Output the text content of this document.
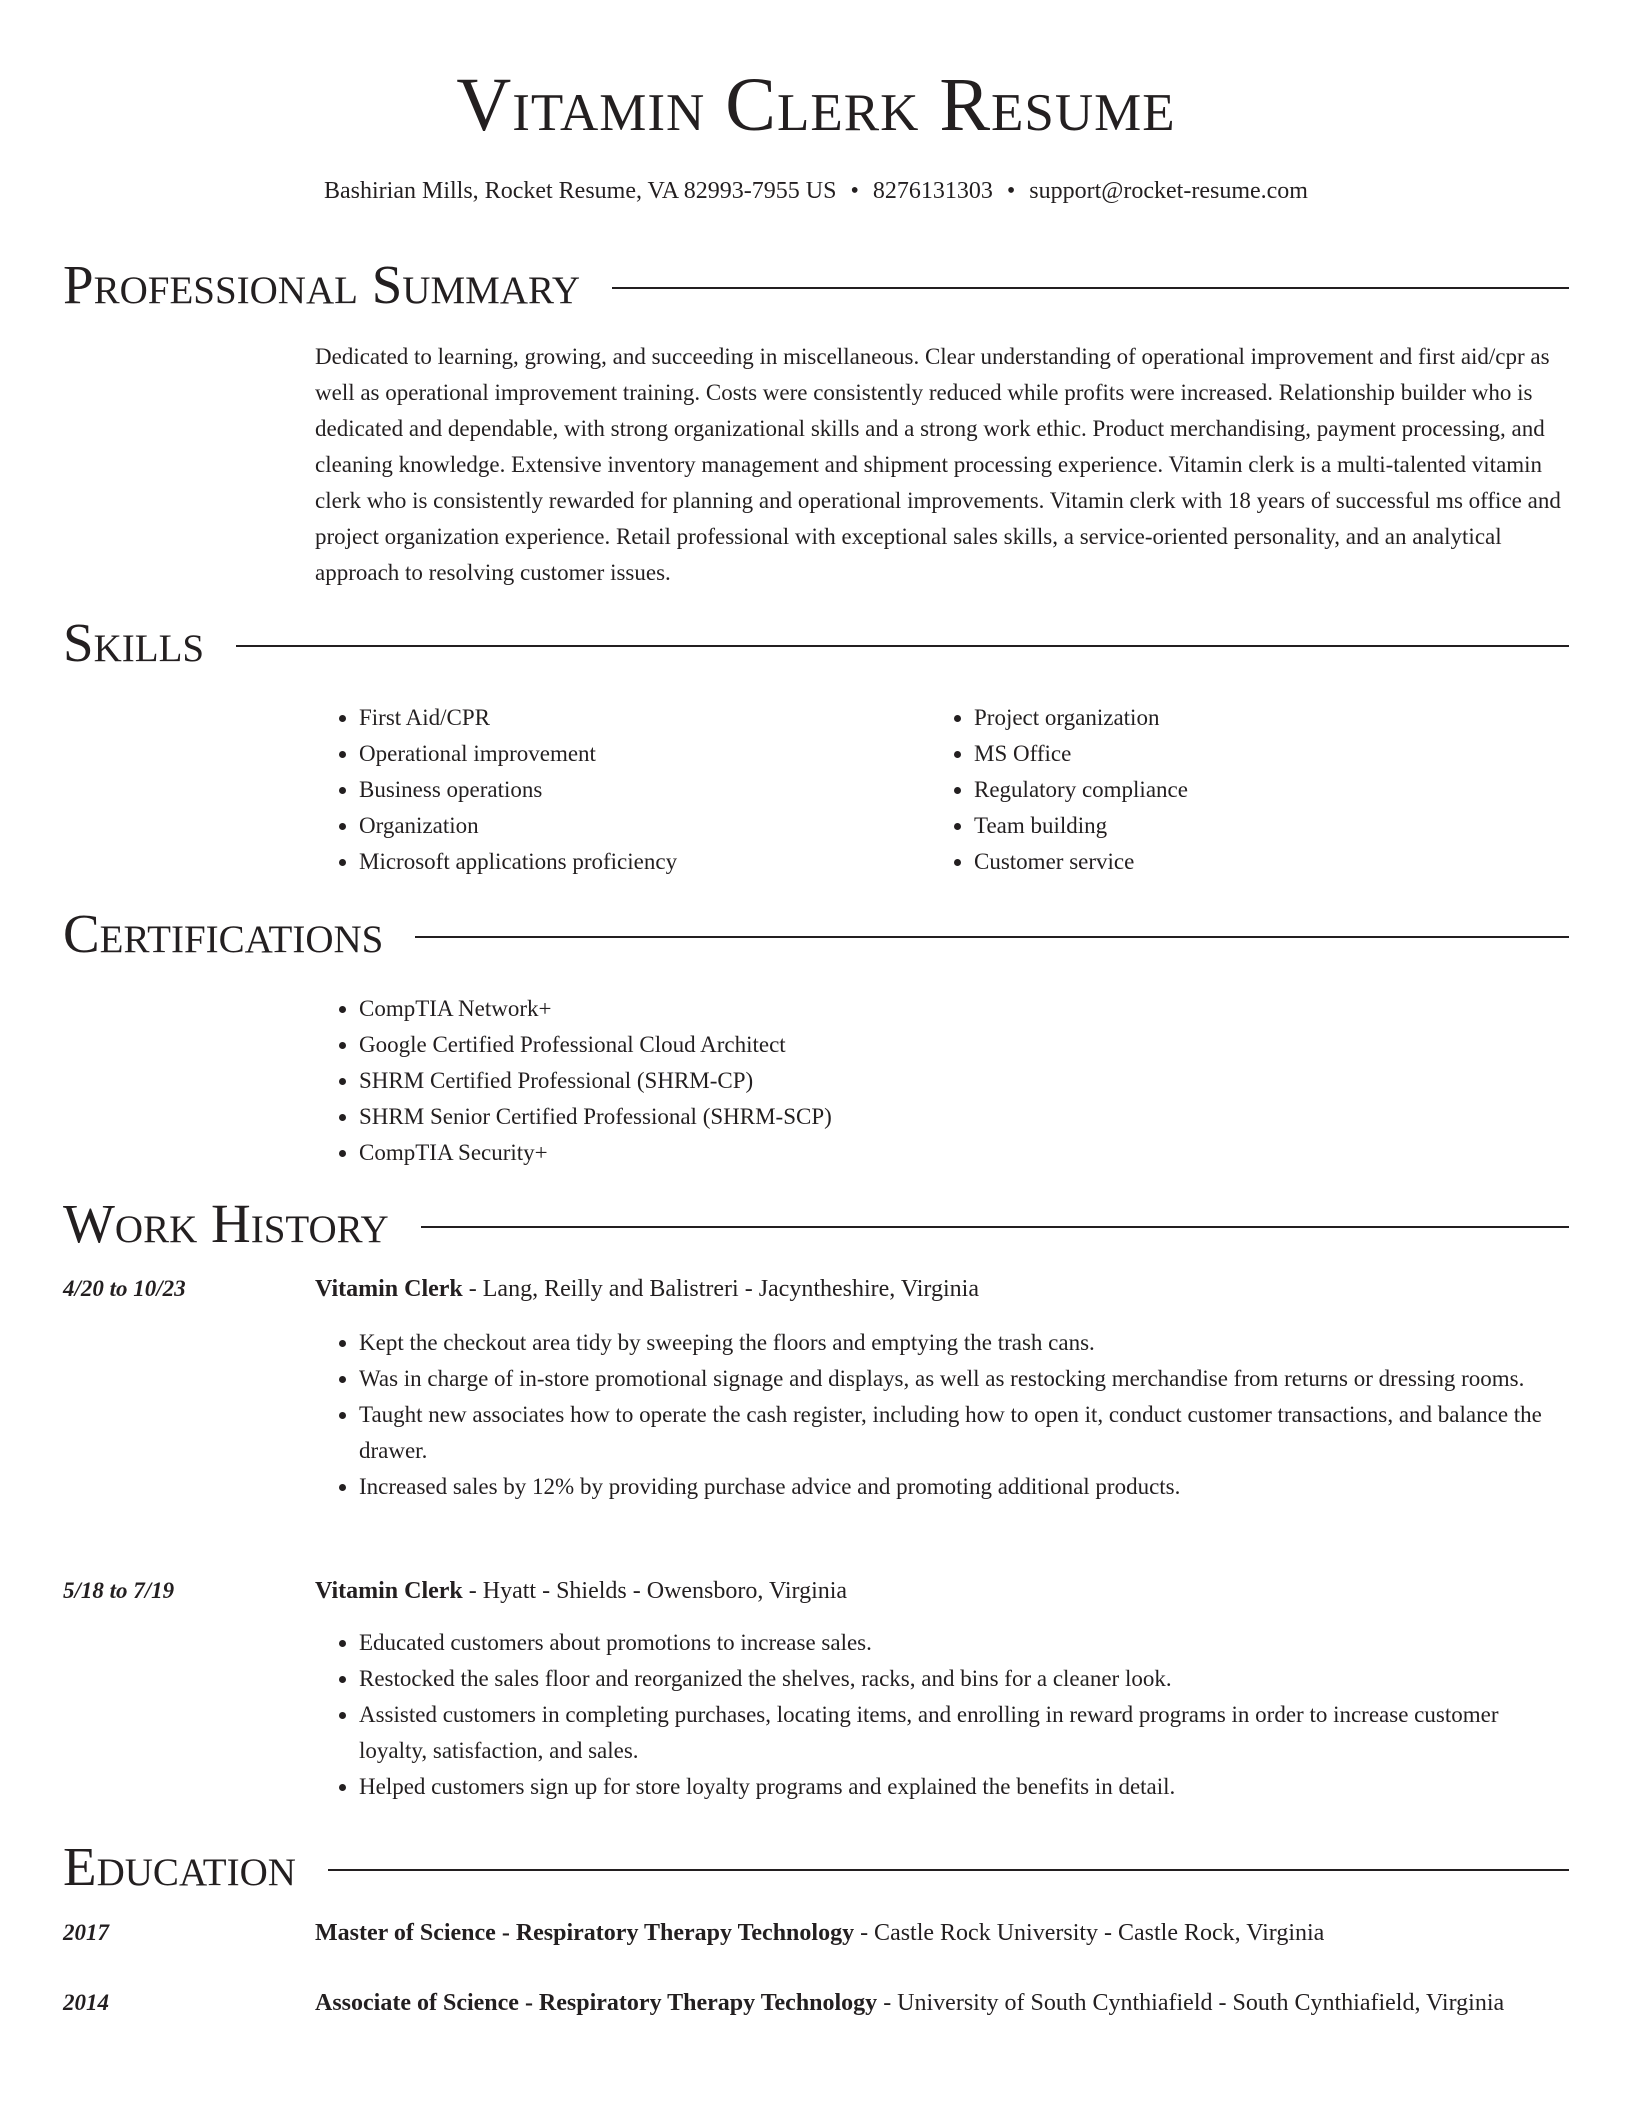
Vitamin Clerk Resume
Bashirian Mills, Rocket Resume, VA 82993-7955 US • 8276131303 • support@rocket-resume.com
Professional Summary

Dedicated to learning, growing, and succeeding in miscellaneous. Clear understanding of operational improvement and first aid/cpr as well as operational improvement training. Costs were consistently reduced while profits were increased. Relationship builder who is dedicated and dependable, with strong organizational skills and a strong work ethic. Product merchandising, payment processing, and cleaning knowledge. Extensive inventory management and shipment processing experience. Vitamin clerk is a multi-talented vitamin clerk who is consistently rewarded for planning and operational improvements. Vitamin clerk with 18 years of successful ms office and project organization experience. Retail professional with exceptional sales skills, a service-oriented personality, and an analytical approach to resolving customer issues.

Skills
• First Aid/CPR
• Operational improvement
• Business operations
• Organization
• Microsoft applications proficiency
• Project organization
• MS Office
• Regulatory compliance
• Team building
• Customer service
Certifications
• CompTIA Network+
• Google Certified Professional Cloud Architect
• SHRM Certified Professional (SHRM-CP)
• SHRM Senior Certified Professional (SHRM-SCP)
• CompTIA Security+
Work History
4/20 to 10/23	Vitamin Clerk - Lang, Reilly and Balistreri - Jacyntheshire, Virginia
• Kept the checkout area tidy by sweeping the floors and emptying the trash cans.
• Was in charge of in-store promotional signage and displays, as well as restocking merchandise from returns or dressing rooms.
• Taught new associates how to operate the cash register, including how to open it, conduct customer transactions, and balance the drawer.
• Increased sales by 12% by providing purchase advice and promoting additional products.
5/18 to 7/19	Vitamin Clerk - Hyatt - Shields - Owensboro, Virginia
• Educated customers about promotions to increase sales.
• Restocked the sales floor and reorganized the shelves, racks, and bins for a cleaner look.
• Assisted customers in completing purchases, locating items, and enrolling in reward programs in order to increase customer loyalty, satisfaction, and sales.
• Helped customers sign up for store loyalty programs and explained the benefits in detail.
Education
2017	Master of Science - Respiratory Therapy Technology - Castle Rock University - Castle Rock, Virginia
2014	Associate of Science - Respiratory Therapy Technology - University of South Cynthiafield - South Cynthiafield, Virginia
